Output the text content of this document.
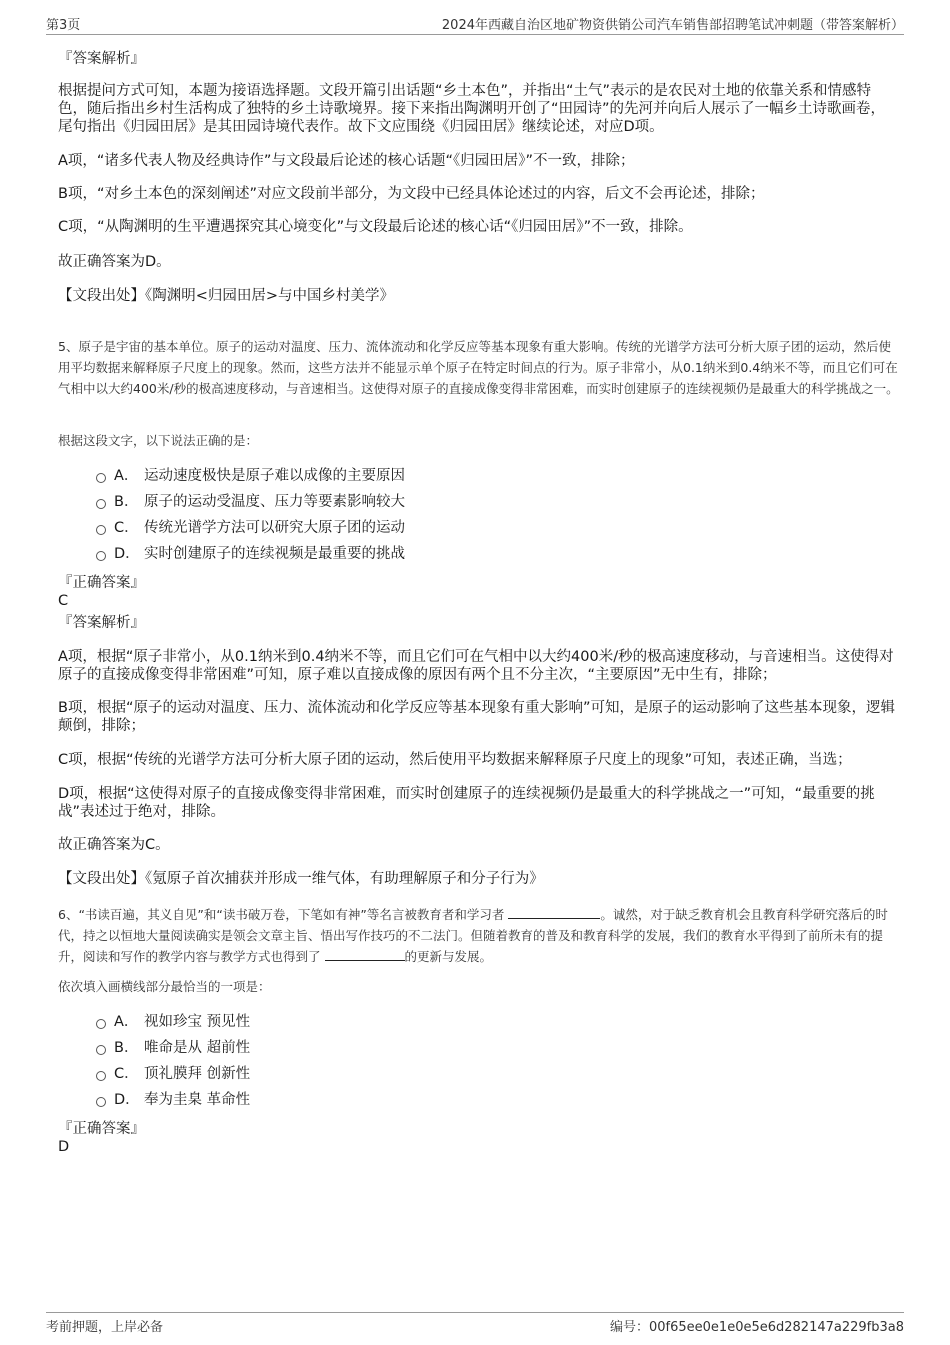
第3页	2024年西藏自治区地矿物资供销公司汽车销售部招聘笔试冲刺题（带答案解析）
『答案解析』
根据提问方式可知，本题为接语选择题。文段开篇引出话题“乡土本色”，并指出“土气”表示的是农民对土地的依靠关系和情感特色，随后指出乡村生活构成了独特的乡土诗歌境界。接下来指出陶渊明开创了“田园诗”的先河并向后人展示了一幅乡土诗歌画卷，尾句指出《归园田居》是其田园诗境代表作。故下文应围绕《归园田居》继续论述，对应D项。
A项，“诸多代表人物及经典诗作”与文段最后论述的核心话题“《归园田居》”不一致，排除；
B项，“对乡土本色的深刻阐述”对应文段前半部分，为文段中已经具体论述过的内容，后文不会再论述，排除；
C项，“从陶渊明的生平遭遇探究其心境变化”与文段最后论述的核心话“《归园田居》”不一致，排除。
故正确答案为D。
【文段出处】《陶渊明<归园田居>与中国乡村美学》
5、原子是宇宙的基本单位。原子的运动对温度、压力、流体流动和化学反应等基本现象有重大影响。传统的光谱学方法可分析大原子团的运动，然后使用平均数据来解释原子尺度上的现象。然而，这些方法并不能显示单个原子在特定时间点的行为。原子非常小，从0.1纳米到0.4纳米不等，而且它们可在气相中以大约400米/秒的极高速度移动，与音速相当。这使得对原子的直接成像变得非常困难，而实时创建原子的连续视频仍是最重大的科学挑战之一。
根据这段文字，以下说法正确的是：
A． 运动速度极快是原子难以成像的主要原因
B． 原子的运动受温度、压力等要素影响较大
C． 传统光谱学方法可以研究大原子团的运动
D． 实时创建原子的连续视频是最重要的挑战
『正确答案』
C
『答案解析』
A项，根据“原子非常小，从0.1纳米到0.4纳米不等，而且它们可在气相中以大约400米/秒的极高速度移动，与音速相当。这使得对原子的直接成像变得非常困难”可知，原子难以直接成像的原因有两个且不分主次，“主要原因”无中生有，排除；
B项，根据“原子的运动对温度、压力、流体流动和化学反应等基本现象有重大影响”可知，是原子的运动影响了这些基本现象，逻辑颠倒，排除；
C项，根据“传统的光谱学方法可分析大原子团的运动，然后使用平均数据来解释原子尺度上的现象”可知，表述正确，当选；
D项，根据“这使得对原子的直接成像变得非常困难，而实时创建原子的连续视频仍是最重大的科学挑战之一”可知，“最重要的挑战”表述过于绝对，排除。
故正确答案为C。
【文段出处】《氪原子首次捕获并形成一维气体，有助理解原子和分子行为》
6、“书读百遍，其义自见”和“读书破万卷，下笔如有神”等名言被教育者和学习者	。诚然，对于缺乏教育机会且教育科学研究落后的时代，持之以恒地大量阅读确实是领会文章主旨、悟出写作技巧的不二法门。但随着教育的普及和教育科学的发展，我们的教育水平得到了前所未有的提升，阅读和写作的教学内容与教学方式也得到了	的更新与发展。
依次填入画横线部分最恰当的一项是：
A． 视如珍宝 预见性
B． 唯命是从 超前性
C． 顶礼膜拜 创新性
D． 奉为圭臬 革命性
『正确答案』
D
考前押题，上岸必备	编号：00f65ee0e1e0e5e6d282147a229fb3a8
